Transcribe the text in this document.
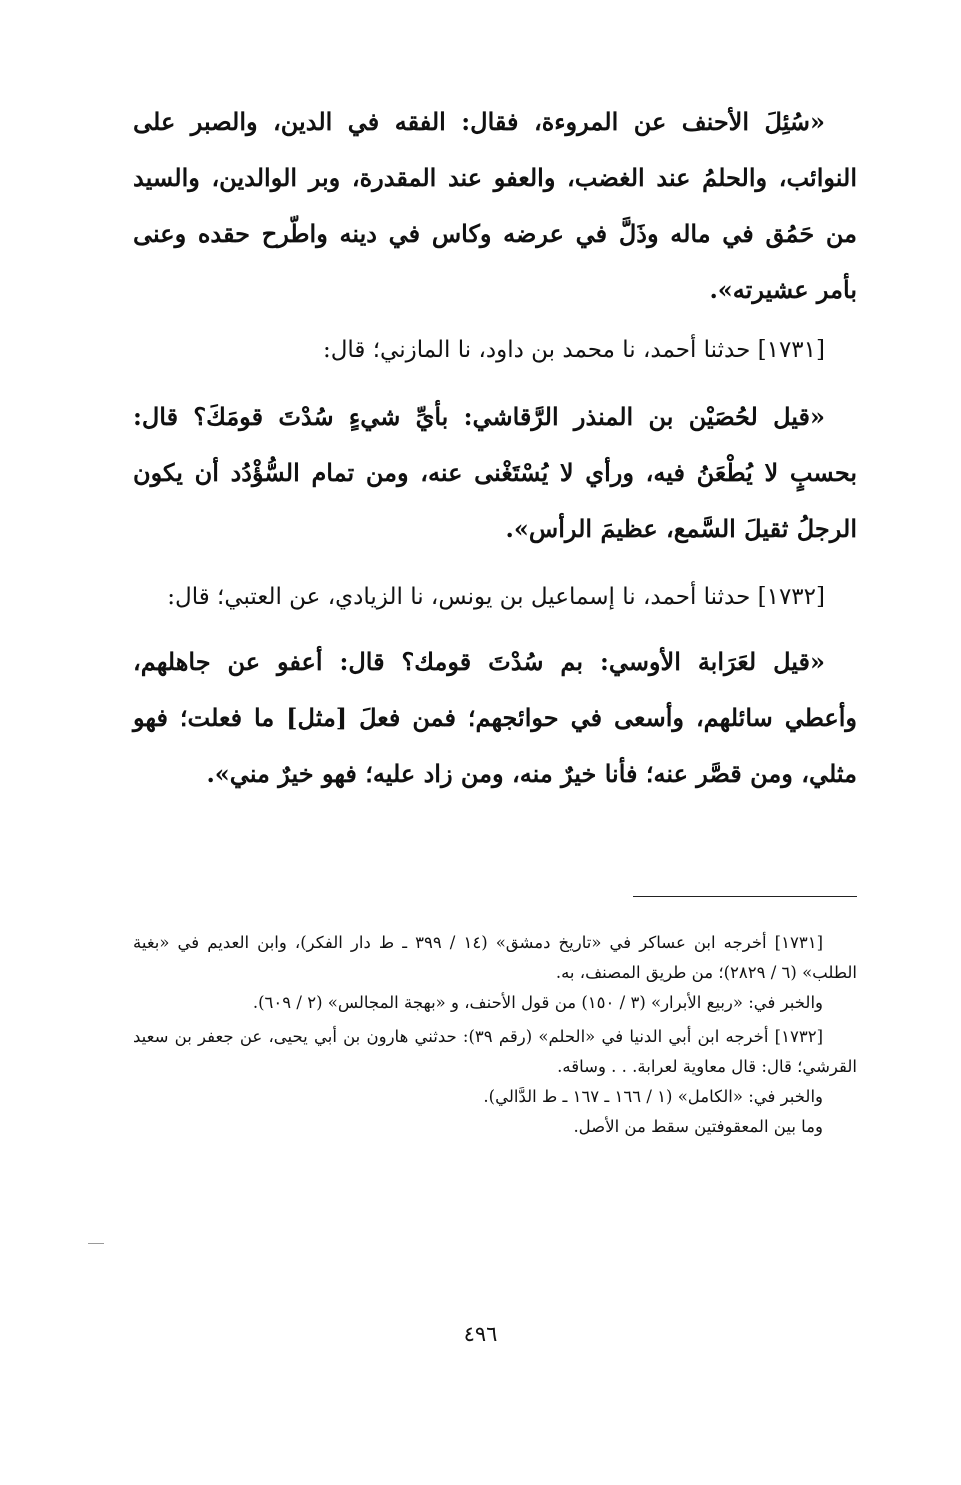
«سُئِلَ الأحنف عن المروءة، فقال: الفقه في الدين، والصبر على النوائب، والحلمُ عند الغضب، والعفو عند المقدرة، وبر الوالدين، والسيد من حَمُق في ماله وذَلَّ في عرضه وكاس في دينه واطّرح حقده وعنى بأمر عشيرته».

[١٧٣١] حدثنا أحمد، نا محمد بن داود، نا المازني؛ قال:

«قيل لحُصَيْن بن المنذر الرَّقاشي: بأيِّ شيءٍ سُدْتَ قومَكَ؟ قال: بحسبٍ لا يُطْعَنُ فيه، ورأي لا يُسْتَغْنى عنه، ومن تمام السُّؤْدُد أن يكون الرجلُ ثقيلَ السَّمع، عظيمَ الرأس».

[١٧٣٢] حدثنا أحمد، نا إسماعيل بن يونس، نا الزيادي، عن العتبي؛ قال:

«قيل لعَرَابة الأوسي: بم سُدْتَ قومك؟ قال: أعفو عن جاهلهم، وأعطي سائلهم، وأسعى في حوائجهم؛ فمن فعلَ [مثل] ما فعلت؛ فهو مثلي، ومن قصَّر عنه؛ فأنا خيرٌ منه، ومن زاد عليه؛ فهو خيرٌ مني».

[١٧٣١] أخرجه ابن عساكر في «تاريخ دمشق» (١٤ / ٣٩٩ ـ ط دار الفكر)، وابن العديم في «بغية الطلب» (٦ / ٢٨٢٩)؛ من طريق المصنف، به.

والخبر في: «ربيع الأبرار» (٣ / ١٥٠) من قول الأحنف، و «بهجة المجالس» (٢ / ٦٠٩).

[١٧٣٢] أخرجه ابن أبي الدنيا في «الحلم» (رقم ٣٩): حدثني هارون بن أبي يحيى، عن جعفر بن سعيد القرشي؛ قال: قال معاوية لعرابة. . . وساقه.

والخبر في: «الكامل» (١ / ١٦٦ ـ ١٦٧ ـ ط الدَّالي).

وما بين المعقوفتين سقط من الأصل.

٤٩٦
